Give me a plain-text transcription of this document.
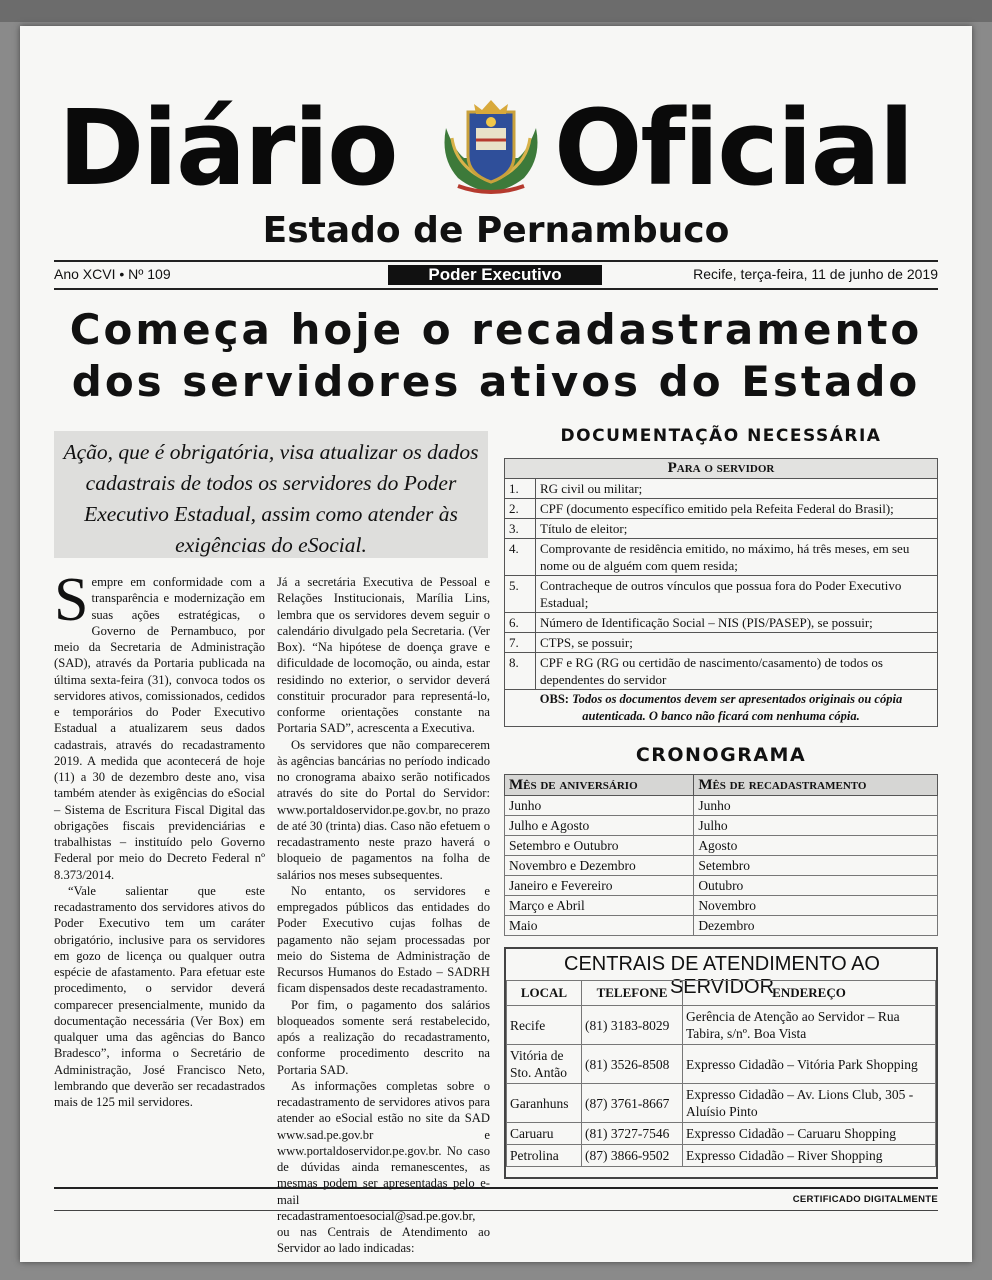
Diário Oficial
Estado de Pernambuco
Ano XCVI • Nº 109	Poder Executivo	Recife, terça-feira, 11 de junho de 2019
Começa hoje o recadastramento
dos servidores ativos do Estado
Ação, que é obrigatória, visa atualizar os dados cadastrais de todos os servidores do Poder Executivo Estadual, assim como atender às exigências do eSocial.

Sempre em conformidade com a transparência e modernização em suas ações estratégicas, o Governo de Pernambuco, por meio da Secretaria de Administração (SAD), através da Portaria publicada na última sexta-feira (31), convoca todos os servidores ativos, comissionados, cedidos e temporários do Poder Executivo Estadual a atualizarem seus dados cadastrais, através do recadastramento 2019. A medida que acontecerá de hoje (11) a 30 de dezembro deste ano, visa também atender às exigências do eSocial – Sistema de Escritura Fiscal Digital das obrigações fiscais previdenciárias e trabalhistas – instituído pelo Governo Federal por meio do Decreto Federal nº 8.373/2014.

“Vale salientar que este recadastramento dos servidores ativos do Poder Executivo tem um caráter obrigatório, inclusive para os servidores em gozo de licença ou qualquer outra espécie de afastamento. Para efetuar este procedimento, o servidor deverá comparecer presencialmente, munido da documentação necessária (Ver Box) em qualquer uma das agências do Banco Bradesco”, informa o Secretário de Administração, José Francisco Neto, lembrando que deverão ser recadastrados mais de 125 mil servidores.

Já a secretária Executiva de Pessoal e Relações Institucionais, Marília Lins, lembra que os servidores devem seguir o calendário divulgado pela Secretaria. (Ver Box). “Na hipótese de doença grave e dificuldade de locomoção, ou ainda, estar residindo no exterior, o servidor deverá constituir procurador para representá-lo, conforme orientações constante na Portaria SAD”, acrescenta a Executiva.

Os servidores que não comparecerem às agências bancárias no período indicado no cronograma abaixo serão notificados através do site do Portal do Servidor: www.portaldoservidor.pe.gov.br, no prazo de até 30 (trinta) dias. Caso não efetuem o recadastramento neste prazo haverá o bloqueio de pagamentos na folha de salários nos meses subsequentes.

No entanto, os servidores e empregados públicos das entidades do Poder Executivo cujas folhas de pagamento não sejam processadas por meio do Sistema de Administração de Recursos Humanos do Estado – SADRH ficam dispensados deste recadastramento.

Por fim, o pagamento dos salários bloqueados somente será restabelecido, após a realização do recadastramento, conforme procedimento descrito na Portaria SAD.

As informações completas sobre o recadastramento de servidores ativos para atender ao eSocial estão no site da SAD www.sad.pe.gov.br e www.portaldoservidor.pe.gov.br. No caso de dúvidas ainda remanescentes, as mesmas podem ser apresentadas pelo e-mail recadastramentoesocial@sad.pe.gov.br, ou nas Centrais de Atendimento ao Servidor ao lado indicadas:

DOCUMENTAÇÃO NECESSÁRIA
Para o servidor	
1.	RG civil ou militar;
2.	CPF (documento específico emitido pela Refeita Federal do Brasil);
3.	Título de eleitor;
4.	Comprovante de residência emitido, no máximo, há três meses, em seu nome ou de alguém com quem resida;
5.	Contracheque de outros vínculos que possua fora do Poder Executivo Estadual;
6.	Número de Identificação Social – NIS (PIS/PASEP), se possuir;
7.	CTPS, se possuir;
8.	CPF e RG (RG ou certidão de nascimento/casamento) de todos os dependentes do servidor
OBS: Todos os documentos devem ser apresentados originais ou cópia autenticada. O banco não ficará com nenhuma cópia.	
CRONOGRAMA
Mês de aniversário	Mês de recadastramento
Junho	Junho
Julho e Agosto	Julho
Setembro e Outubro	Agosto
Novembro e Dezembro	Setembro
Janeiro e Fevereiro	Outubro
Março e Abril	Novembro
Maio	Dezembro
CENTRAIS DE ATENDIMENTO AO SERVIDOR
LOCAL	TELEFONE	ENDEREÇO
Recife	(81) 3183-8029	Gerência de Atenção ao Servidor – Rua Tabira, s/nº. Boa Vista
Vitória de Sto. Antão	(81) 3526-8508	Expresso Cidadão – Vitória Park Shopping
Garanhuns	(87) 3761-8667	Expresso Cidadão – Av. Lions Club, 305 - Aluísio Pinto
Caruaru	(81) 3727-7546	Expresso Cidadão – Caruaru Shopping
Petrolina	(87) 3866-9502	Expresso Cidadão – River Shopping
CERTIFICADO DIGITALMENTE
